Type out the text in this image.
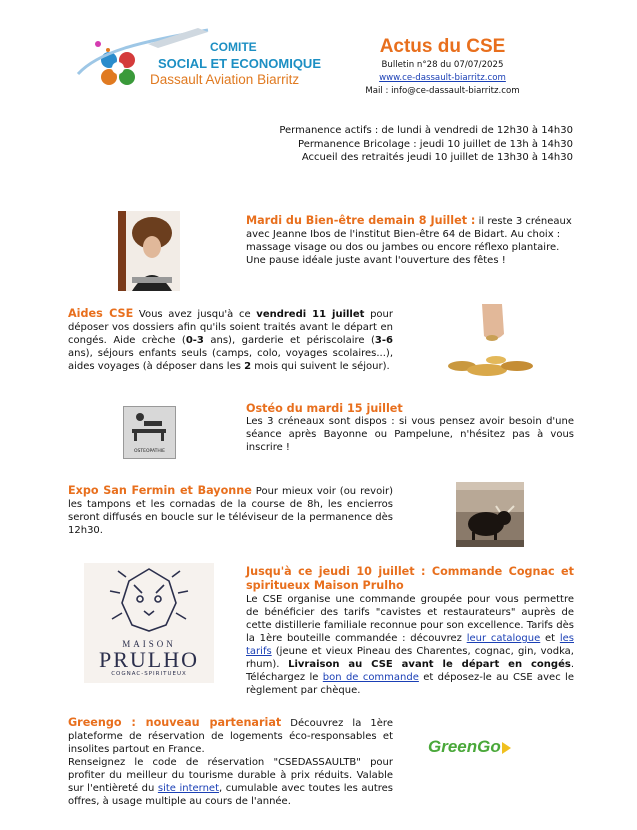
COMITE
SOCIAL ET ECONOMIQUE
Dassault Aviation Biarritz
Actus du CSE
Bulletin n°28 du 07/07/2025
www.ce-dassault-biarritz.com
Mail : info@ce-dassault-biarritz.com
Permanence actifs : de lundi à vendredi de 12h30 à 14h30
Permanence Bricolage : jeudi 10 juillet de 13h à 14h30
Accueil des retraités jeudi 10 juillet de 13h30 à 14h30
Mardi du Bien-être demain 8 Juillet : il reste 3 créneaux avec Jeanne Ibos de l'institut Bien-être 64 de Bidart. Au choix : massage visage ou dos ou jambes ou encore réflexo plantaire. Une pause idéale juste avant l'ouverture des fêtes !
Aides CSE Vous avez jusqu'à ce vendredi 11 juillet pour déposer vos dossiers afin qu'ils soient traités avant le départ en congés. Aide crèche (0-3 ans), garderie et périscolaire (3-6 ans), séjours enfants seuls (camps, colo, voyages scolaires...), aides voyages (à déposer dans les 2 mois qui suivent le séjour).
OSTEOPATHIE
Ostéo du mardi 15 juillet
Les 3 créneaux sont dispos : si vous pensez avoir besoin d'une séance après Bayonne ou Pampelune, n'hésitez pas à vous inscrire !
Expo San Fermin et Bayonne Pour mieux voir (ou revoir) les tampons et les cornadas de la course de 8h, les encierros seront diffusés en boucle sur le téléviseur de la permanence dès 12h30.
MAISON
PRULHO
COGNAC-SPIRITUEUX
Jusqu'à ce jeudi 10 juillet : Commande Cognac et spiritueux Maison Prulho
Le CSE organise une commande groupée pour vous permettre de bénéficier des tarifs "cavistes et restaurateurs" auprès de cette distillerie familiale reconnue pour son excellence. Tarifs dès la 1ère bouteille commandée : découvrez leur catalogue et les tarifs (jeune et vieux Pineau des Charentes, cognac, gin, vodka, rhum). Livraison au CSE avant le départ en congés. Téléchargez le bon de commande et déposez-le au CSE avec le règlement par chèque.
Greengo : nouveau partenariat Découvrez la 1ère plateforme de réservation de logements éco-responsables et insolites partout en France.
Renseignez le code de réservation "CSEDASSAULTB" pour profiter du meilleur du tourisme durable à prix réduits. Valable sur l'entièreté du site internet, cumulable avec toutes les autres offres, à usage multiple au cours de l'année.
GreenGo
